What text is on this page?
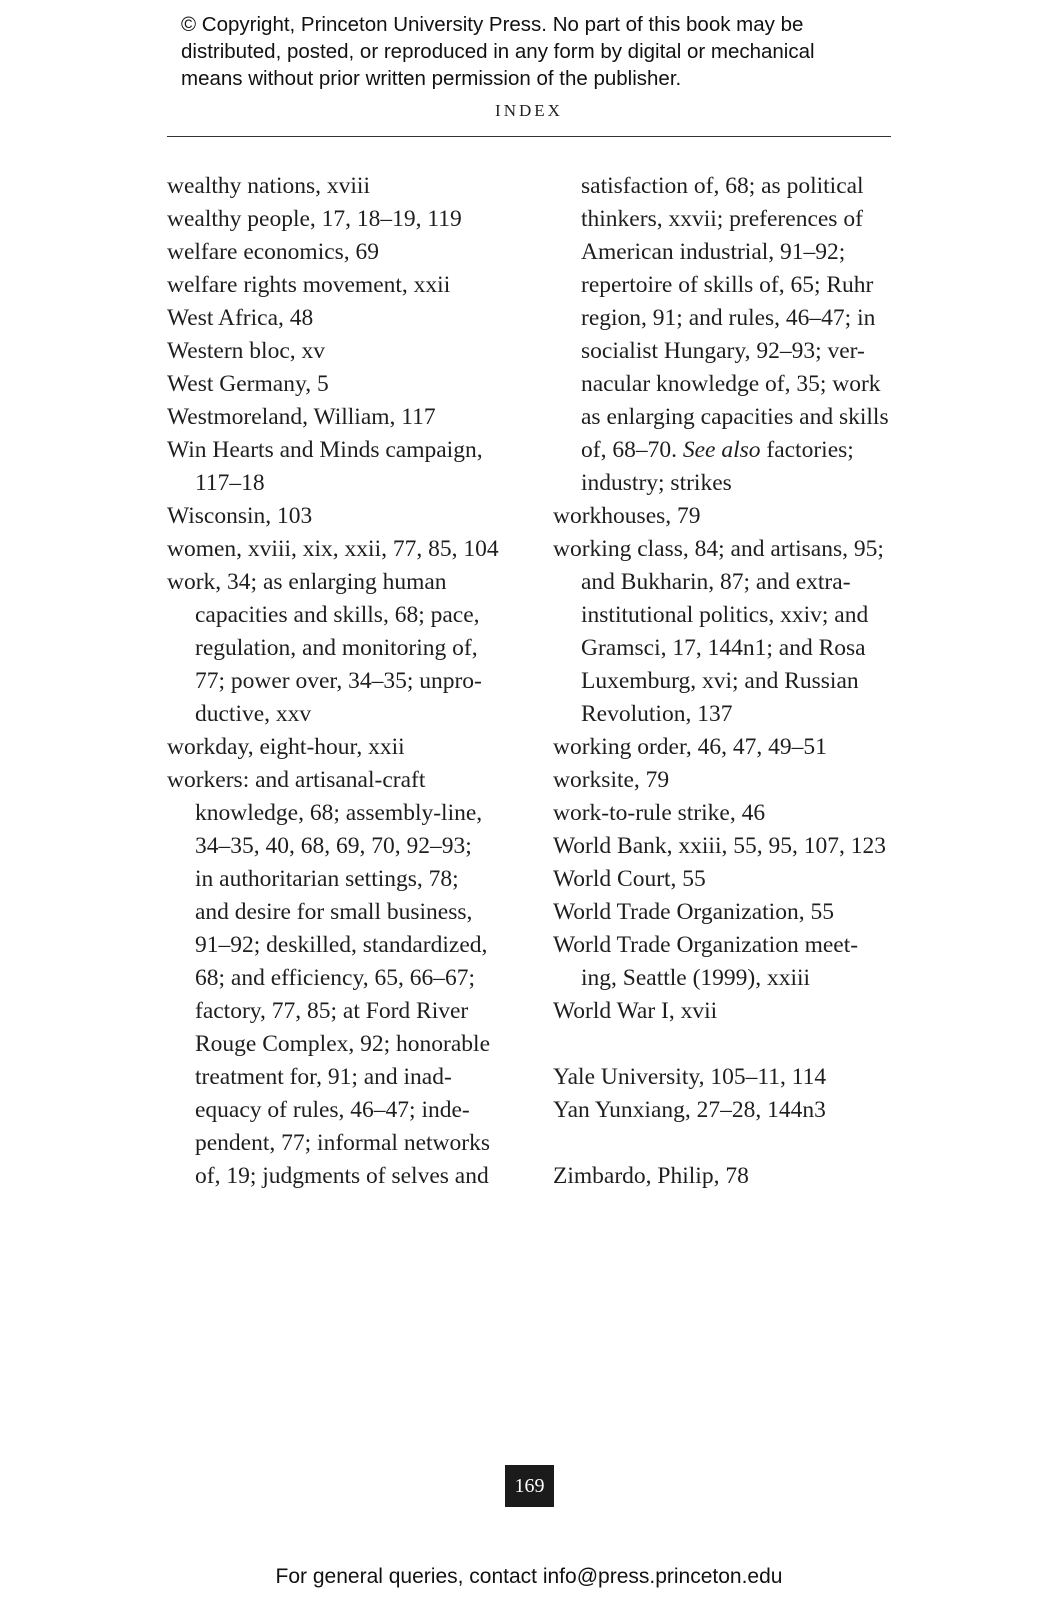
© Copyright, Princeton University Press. No part of this book may be
distributed, posted, or reproduced in any form by digital or mechanical
means without prior written permission of the publisher.
INDEX
wealthy nations, xviii
wealthy people, 17, 18–19, 119
welfare economics, 69
welfare rights movement, xxii
West Africa, 48
Western bloc, xv
West Germany, 5
Westmoreland, William, 117
Win Hearts and Minds campaign,
117–18
Wisconsin, 103
women, xviii, xix, xxii, 77, 85, 104
work, 34; as enlarging human
capacities and skills, 68; pace,
regulation, and monitoring of,
77; power over, 34–35; unpro-
ductive, xxv
workday, eight-hour, xxii
workers: and artisanal-craft
knowledge, 68; assembly-line,
34–35, 40, 68, 69, 70, 92–93;
in authoritarian settings, 78;
and desire for small business,
91–92; deskilled, standardized,
68; and efficiency, 65, 66–67;
factory, 77, 85; at Ford River
Rouge Complex, 92; honorable
treatment for, 91; and inad-
equacy of rules, 46–47; inde-
pendent, 77; informal networks
of, 19; judgments of selves and
satisfaction of, 68; as political
thinkers, xxvii; preferences of
American industrial, 91–92;
repertoire of skills of, 65; Ruhr
region, 91; and rules, 46–47; in
socialist Hungary, 92–93; ver-
nacular knowledge of, 35; work
as enlarging capacities and skills
of, 68–70. See also factories;
industry; strikes
workhouses, 79
working class, 84; and artisans, 95;
and Bukharin, 87; and extra-
institutional politics, xxiv; and
Gramsci, 17, 144n1; and Rosa
Luxemburg, xvi; and Russian
Revolution, 137
working order, 46, 47, 49–51
worksite, 79
work-to-rule strike, 46
World Bank, xxiii, 55, 95, 107, 123
World Court, 55
World Trade Organization, 55
World Trade Organization meet-
ing, Seattle (1999), xxiii
World War I, xvii
Yale University, 105–11, 114
Yan Yunxiang, 27–28, 144n3
Zimbardo, Philip, 78
169
For general queries, contact info@press.princeton.edu
